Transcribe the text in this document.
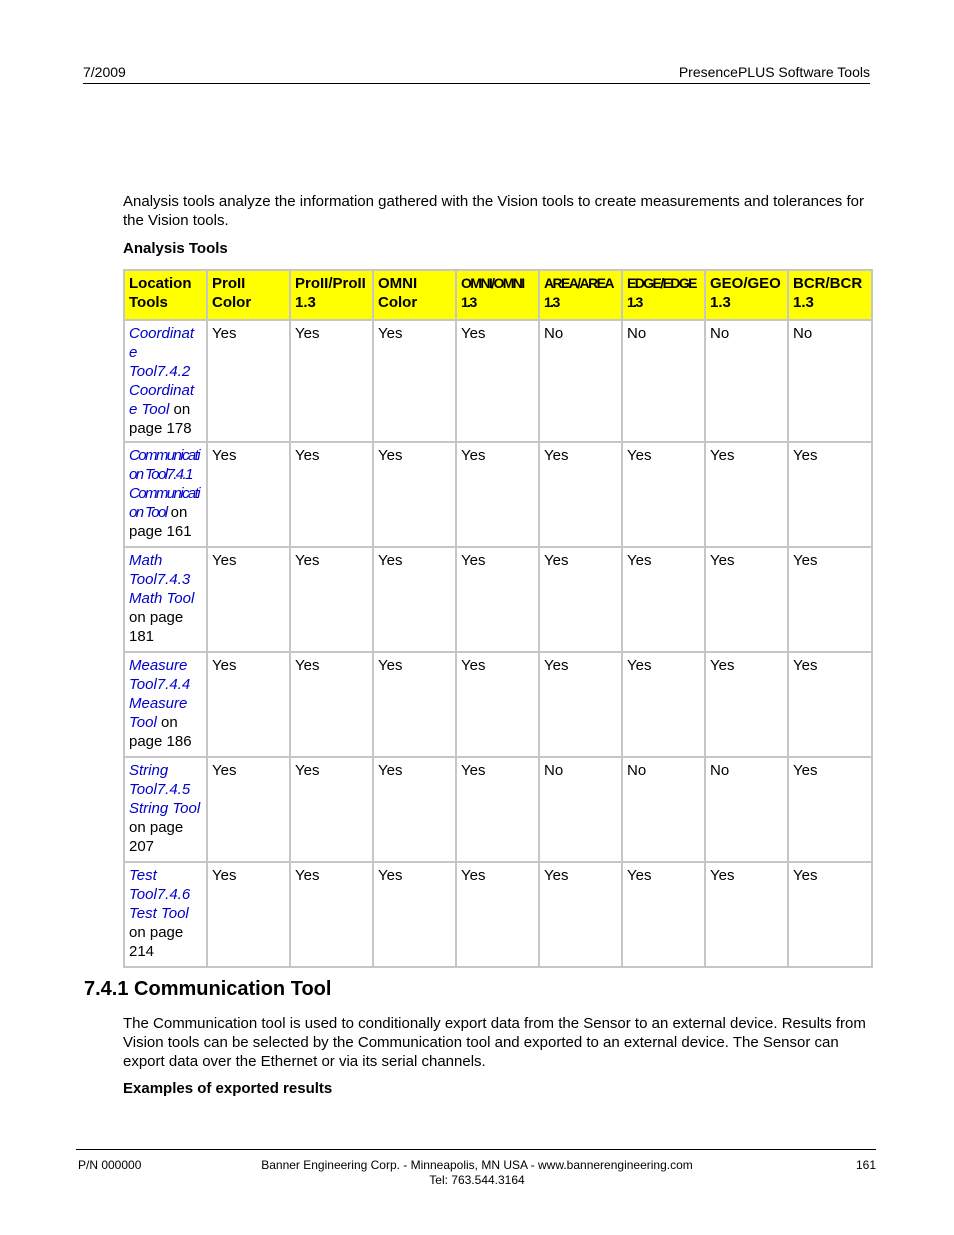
7/2009	PresencePLUS Software Tools
Analysis tools analyze the information gathered with the Vision tools to create measurements and tolerances for the Vision tools.
Analysis Tools
Location Tools	ProII Color	ProII/ProII 1.3	OMNI Color	OMNI/OMNI 1.3	AREA/AREA 1.3	EDGE/EDGE 1.3	GEO/GEO 1.3	BCR/BCR 1.3
Coordinate Tool7.4.2 Coordinate Tool on page 178	Yes	Yes	Yes	Yes	No	No	No	No
Communication Tool7.4.1 Communication Tool on page 161	Yes	Yes	Yes	Yes	Yes	Yes	Yes	Yes
Math Tool7.4.3 Math Tool on page 181	Yes	Yes	Yes	Yes	Yes	Yes	Yes	Yes
Measure Tool7.4.4 Measure Tool on page 186	Yes	Yes	Yes	Yes	Yes	Yes	Yes	Yes
String Tool7.4.5 String Tool on page 207	Yes	Yes	Yes	Yes	No	No	No	Yes
Test Tool7.4.6 Test Tool on page 214	Yes	Yes	Yes	Yes	Yes	Yes	Yes	Yes
7.4.1 Communication Tool
The Communication tool is used to conditionally export data from the Sensor to an external device. Results from Vision tools can be selected by the Communication tool and exported to an external device. The Sensor can export data over the Ethernet or via its serial channels.
Examples of exported results
P/N 000000	Banner Engineering Corp. - Minneapolis, MN USA - www.bannerengineering.com
Tel: 763.544.3164
161
